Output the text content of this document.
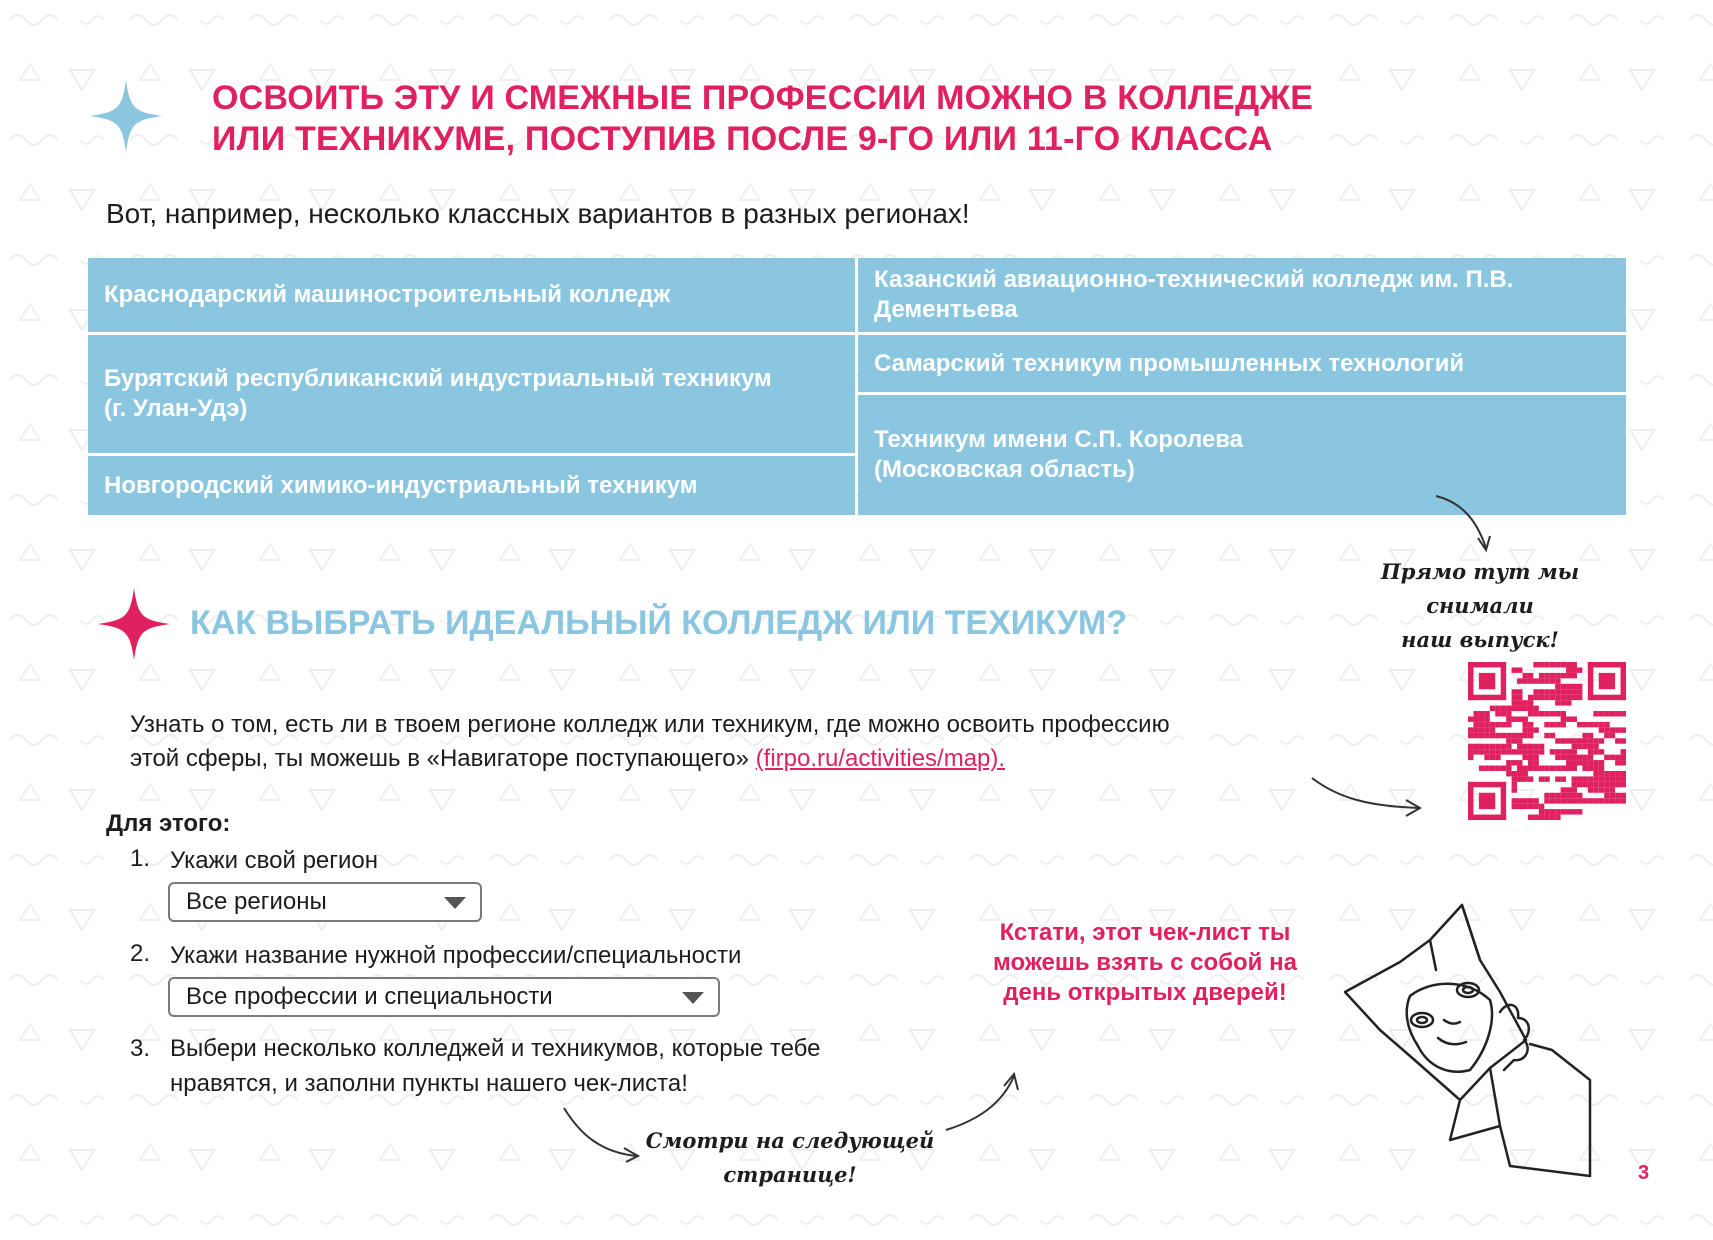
ОСВОИТЬ ЭТУ И СМЕЖНЫЕ ПРОФЕССИИ МОЖНО В КОЛЛЕДЖЕ
ИЛИ ТЕХНИКУМЕ, ПОСТУПИВ ПОСЛЕ 9-ГО ИЛИ 11-ГО КЛАССА
Вот, например, несколько классных вариантов в разных регионах!
Краснодарский машиностроительный колледж
Бурятский республиканский индустриальный техникум (г. Улан-Удэ)
Новгородский химико-индустриальный техникум
Казанский авиационно-технический колледж им. П.В. Дементьева
Самарский техникум промышленных технологий
Техникум имени С.П. Королева (Московская область)
Прямо тут мы снимали
наш выпуск!
КАК ВЫБРАТЬ ИДЕАЛЬНЫЙ КОЛЛЕДЖ ИЛИ ТЕХИКУМ?
Узнать о том, есть ли в твоем регионе колледж или техникум, где можно освоить профессию
этой сферы, ты можешь в «Навигаторе поступающего» (firpo.ru/activities/map).
Для этого:
1. Укажи свой регион
Все регионы
2. Укажи название нужной профессии/специальности
Все профессии и специальности
3. Выбери несколько колледжей и техникумов, которые тебе
нравятся, и заполни пункты нашего чек-листа!
Смотри на следующей
странице!
Кстати, этот чек-лист ты можешь взять с собой на день открытых дверей!
3
